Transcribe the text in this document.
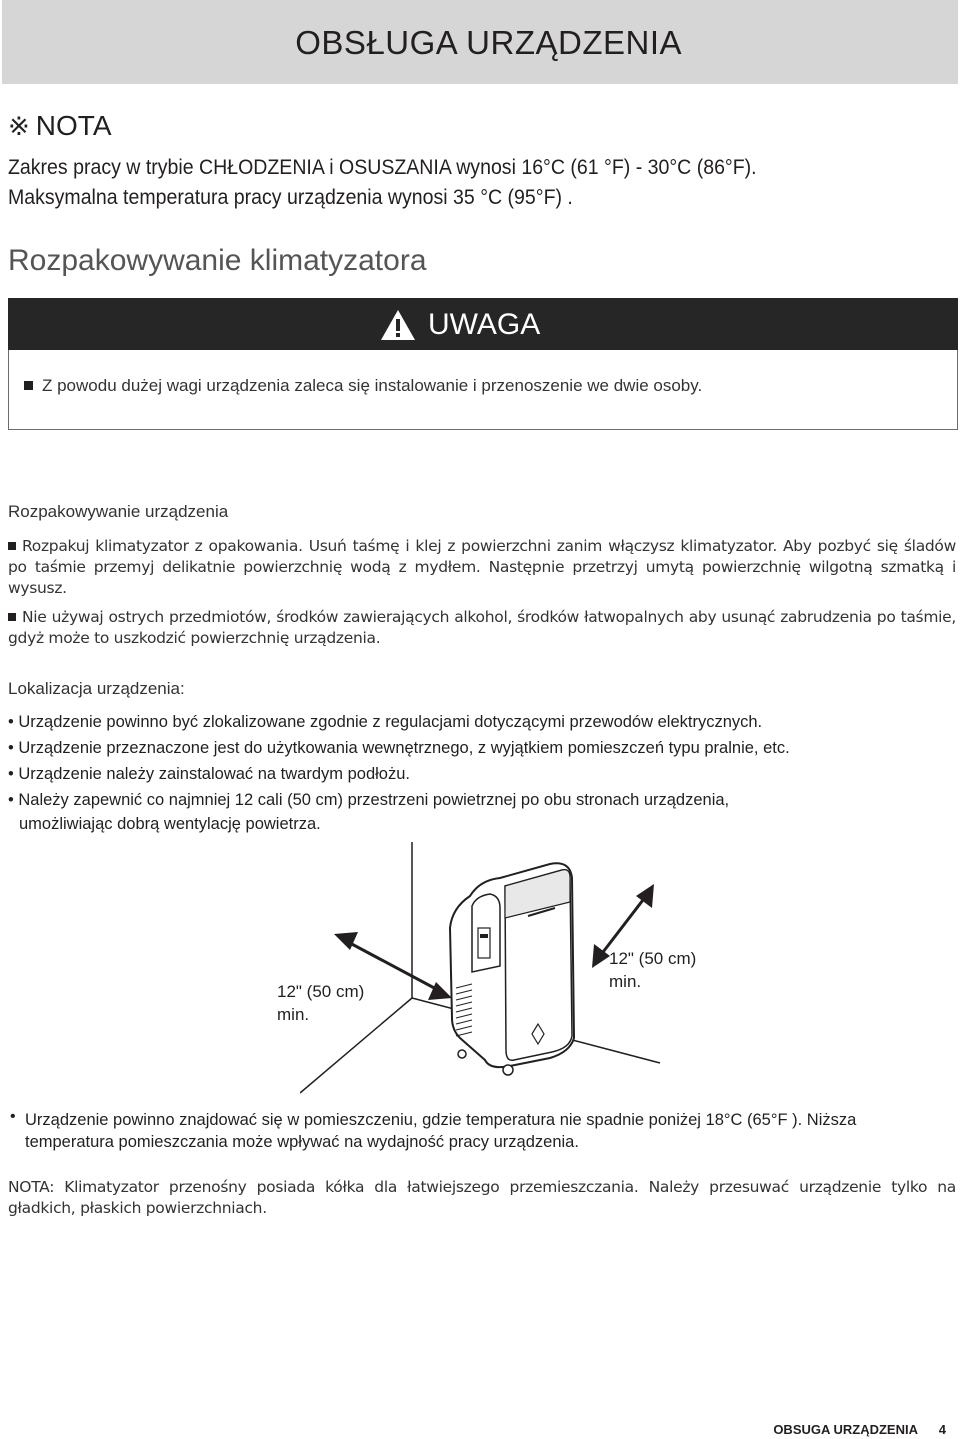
OBSŁUGA URZĄDZENIA
※ NOTA
Zakres pracy w trybie CHŁODZENIA i OSUSZANIA wynosi 16°C (61 °F) - 30°C (86°F).
Maksymalna temperatura pracy urządzenia wynosi 35 °C (95°F) .
Rozpakowywanie klimatyzatora
UWAGA
Z powodu dużej wagi urządzenia zaleca się instalowanie i przenoszenie we dwie osoby.
Rozpakowywanie urządzenia
Rozpakuj klimatyzator z opakowania. Usuń taśmę i klej z powierzchni zanim włączysz klimatyzator. Aby pozbyć się śladów po taśmie przemyj delikatnie powierzchnię wodą z mydłem. Następnie przetrzyj umytą powierzchnię wilgotną szmatką i wysusz.
Nie używaj ostrych przedmiotów, środków zawierających alkohol, środków łatwopalnych aby usunąć zabrudzenia po taśmie, gdyż może to uszkodzić powierzchnię urządzenia.
Lokalizacja urządzenia:
• Urządzenie powinno być zlokalizowane zgodnie z regulacjami dotyczącymi przewodów elektrycznych.
• Urządzenie przeznaczone jest do użytkowania wewnętrznego, z wyjątkiem pomieszczeń typu pralnie, etc.
• Urządzenie należy zainstalować na twardym podłożu.
• Należy zapewnić co najmniej 12 cali (50 cm) przestrzeni powietrznej po obu stronach urządzenia,
umożliwiając dobrą wentylację powietrza.
12" (50 cm)
min.
12" (50 cm)
min.
• Urządzenie powinno znajdować się w pomieszczeniu, gdzie temperatura nie spadnie poniżej 18°C (65°F ). Niższa
temperatura pomieszczania może wpływać na wydajność pracy urządzenia.
NOTA: Klimatyzator przenośny posiada kółka dla łatwiejszego przemieszczania. Należy przesuwać urządzenie tylko na gładkich, płaskich powierzchniach.
OBSUGA URZĄDZENIA 4
